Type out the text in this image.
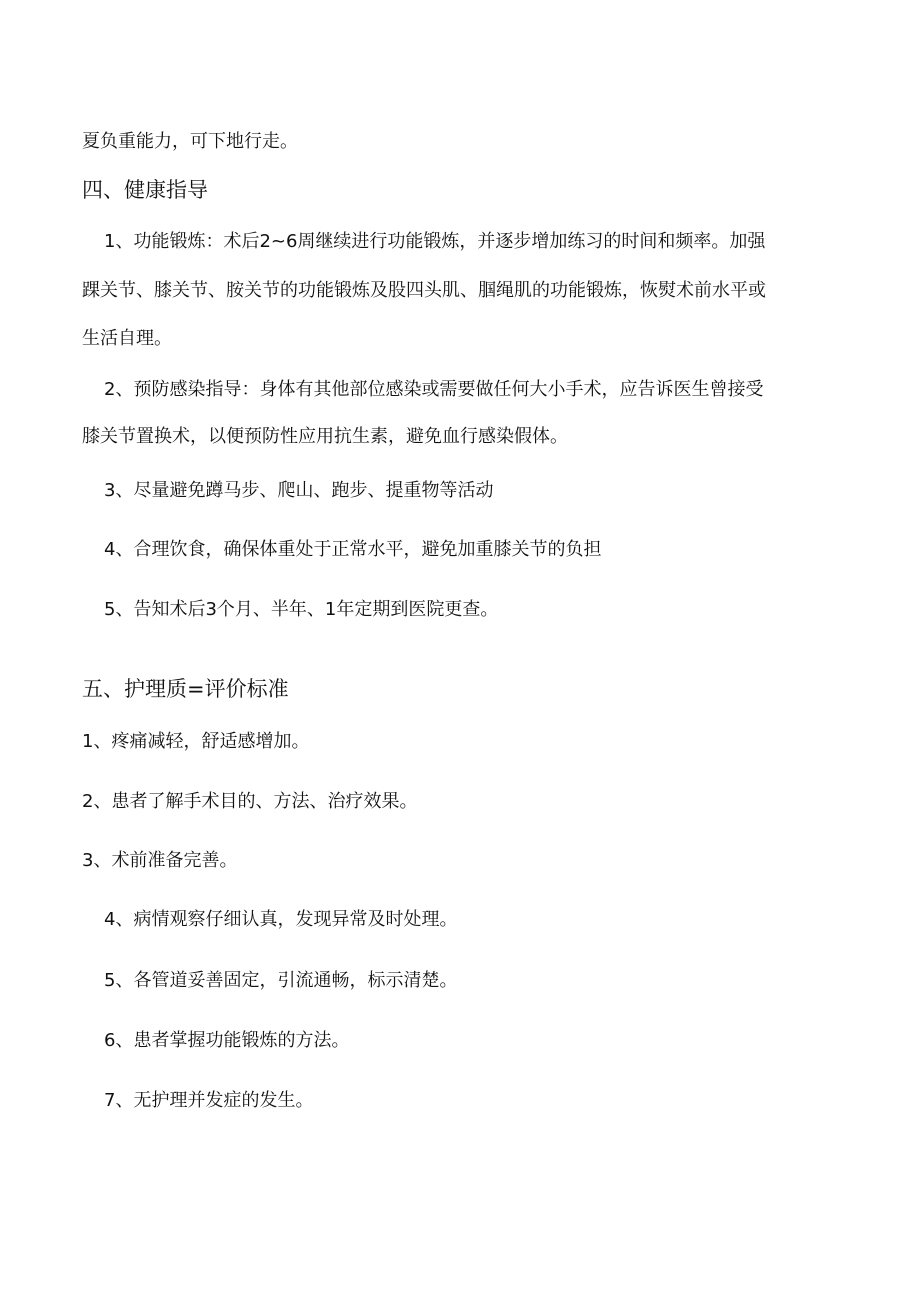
夏负重能力，可下地行走。
四、健康指导
1、功能锻炼：术后2~6周继续进行功能锻炼，并逐步增加练习的时间和频率。加强
踝关节、膝关节、胺关节的功能锻炼及股四头肌、腘绳肌的功能锻炼，恢熨术前水平或
生活自理。
2、预防感染指导：身体有其他部位感染或需要做任何大小手术，应告诉医生曾接受
膝关节置换术，以便预防性应用抗生素，避免血行感染假体。
3、尽量避免蹲马步、爬山、跑步、提重物等活动
4、合理饮食，确保体重处于正常水平，避免加重膝关节的负担
5、告知术后3个月、半年、1年定期到医院更查。
五、护理质=评价标准
1、疼痛减轻，舒适感增加。
2、患者了解手术目的、方法、治疗效果。
3、术前准备完善。
4、病情观察仔细认真，发现异常及时处理。
5、各管道妥善固定，引流通畅，标示清楚。
6、患者掌握功能锻炼的方法。
7、无护理并发症的发生。
